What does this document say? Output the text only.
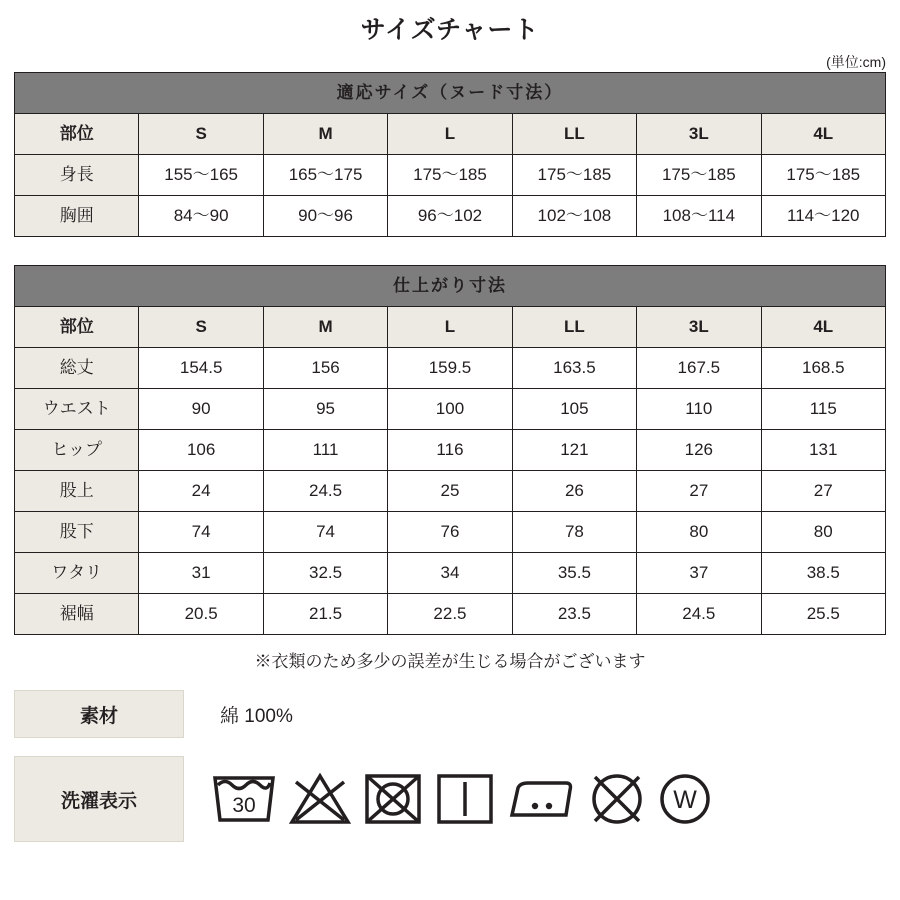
サイズチャート
(単位:cm)
適応サイズ（ヌード寸法）						
部位	S	M	L	LL	3L	4L
身長	155〜165	165〜175	175〜185	175〜185	175〜185	175〜185
胸囲	84〜90	90〜96	96〜102	102〜108	108〜114	114〜120
仕上がり寸法						
部位	S	M	L	LL	3L	4L
総丈	154.5	156	159.5	163.5	167.5	168.5
ウエスト	90	95	100	105	110	115
ヒップ	106	111	116	121	126	131
股上	24	24.5	25	26	27	27
股下	74	74	76	78	80	80
ワタリ	31	32.5	34	35.5	37	38.5
裾幅	20.5	21.5	22.5	23.5	24.5	25.5
※衣類のため多少の誤差が生じる場合がございます
素材	綿 100%
洗濯表示	30	W
